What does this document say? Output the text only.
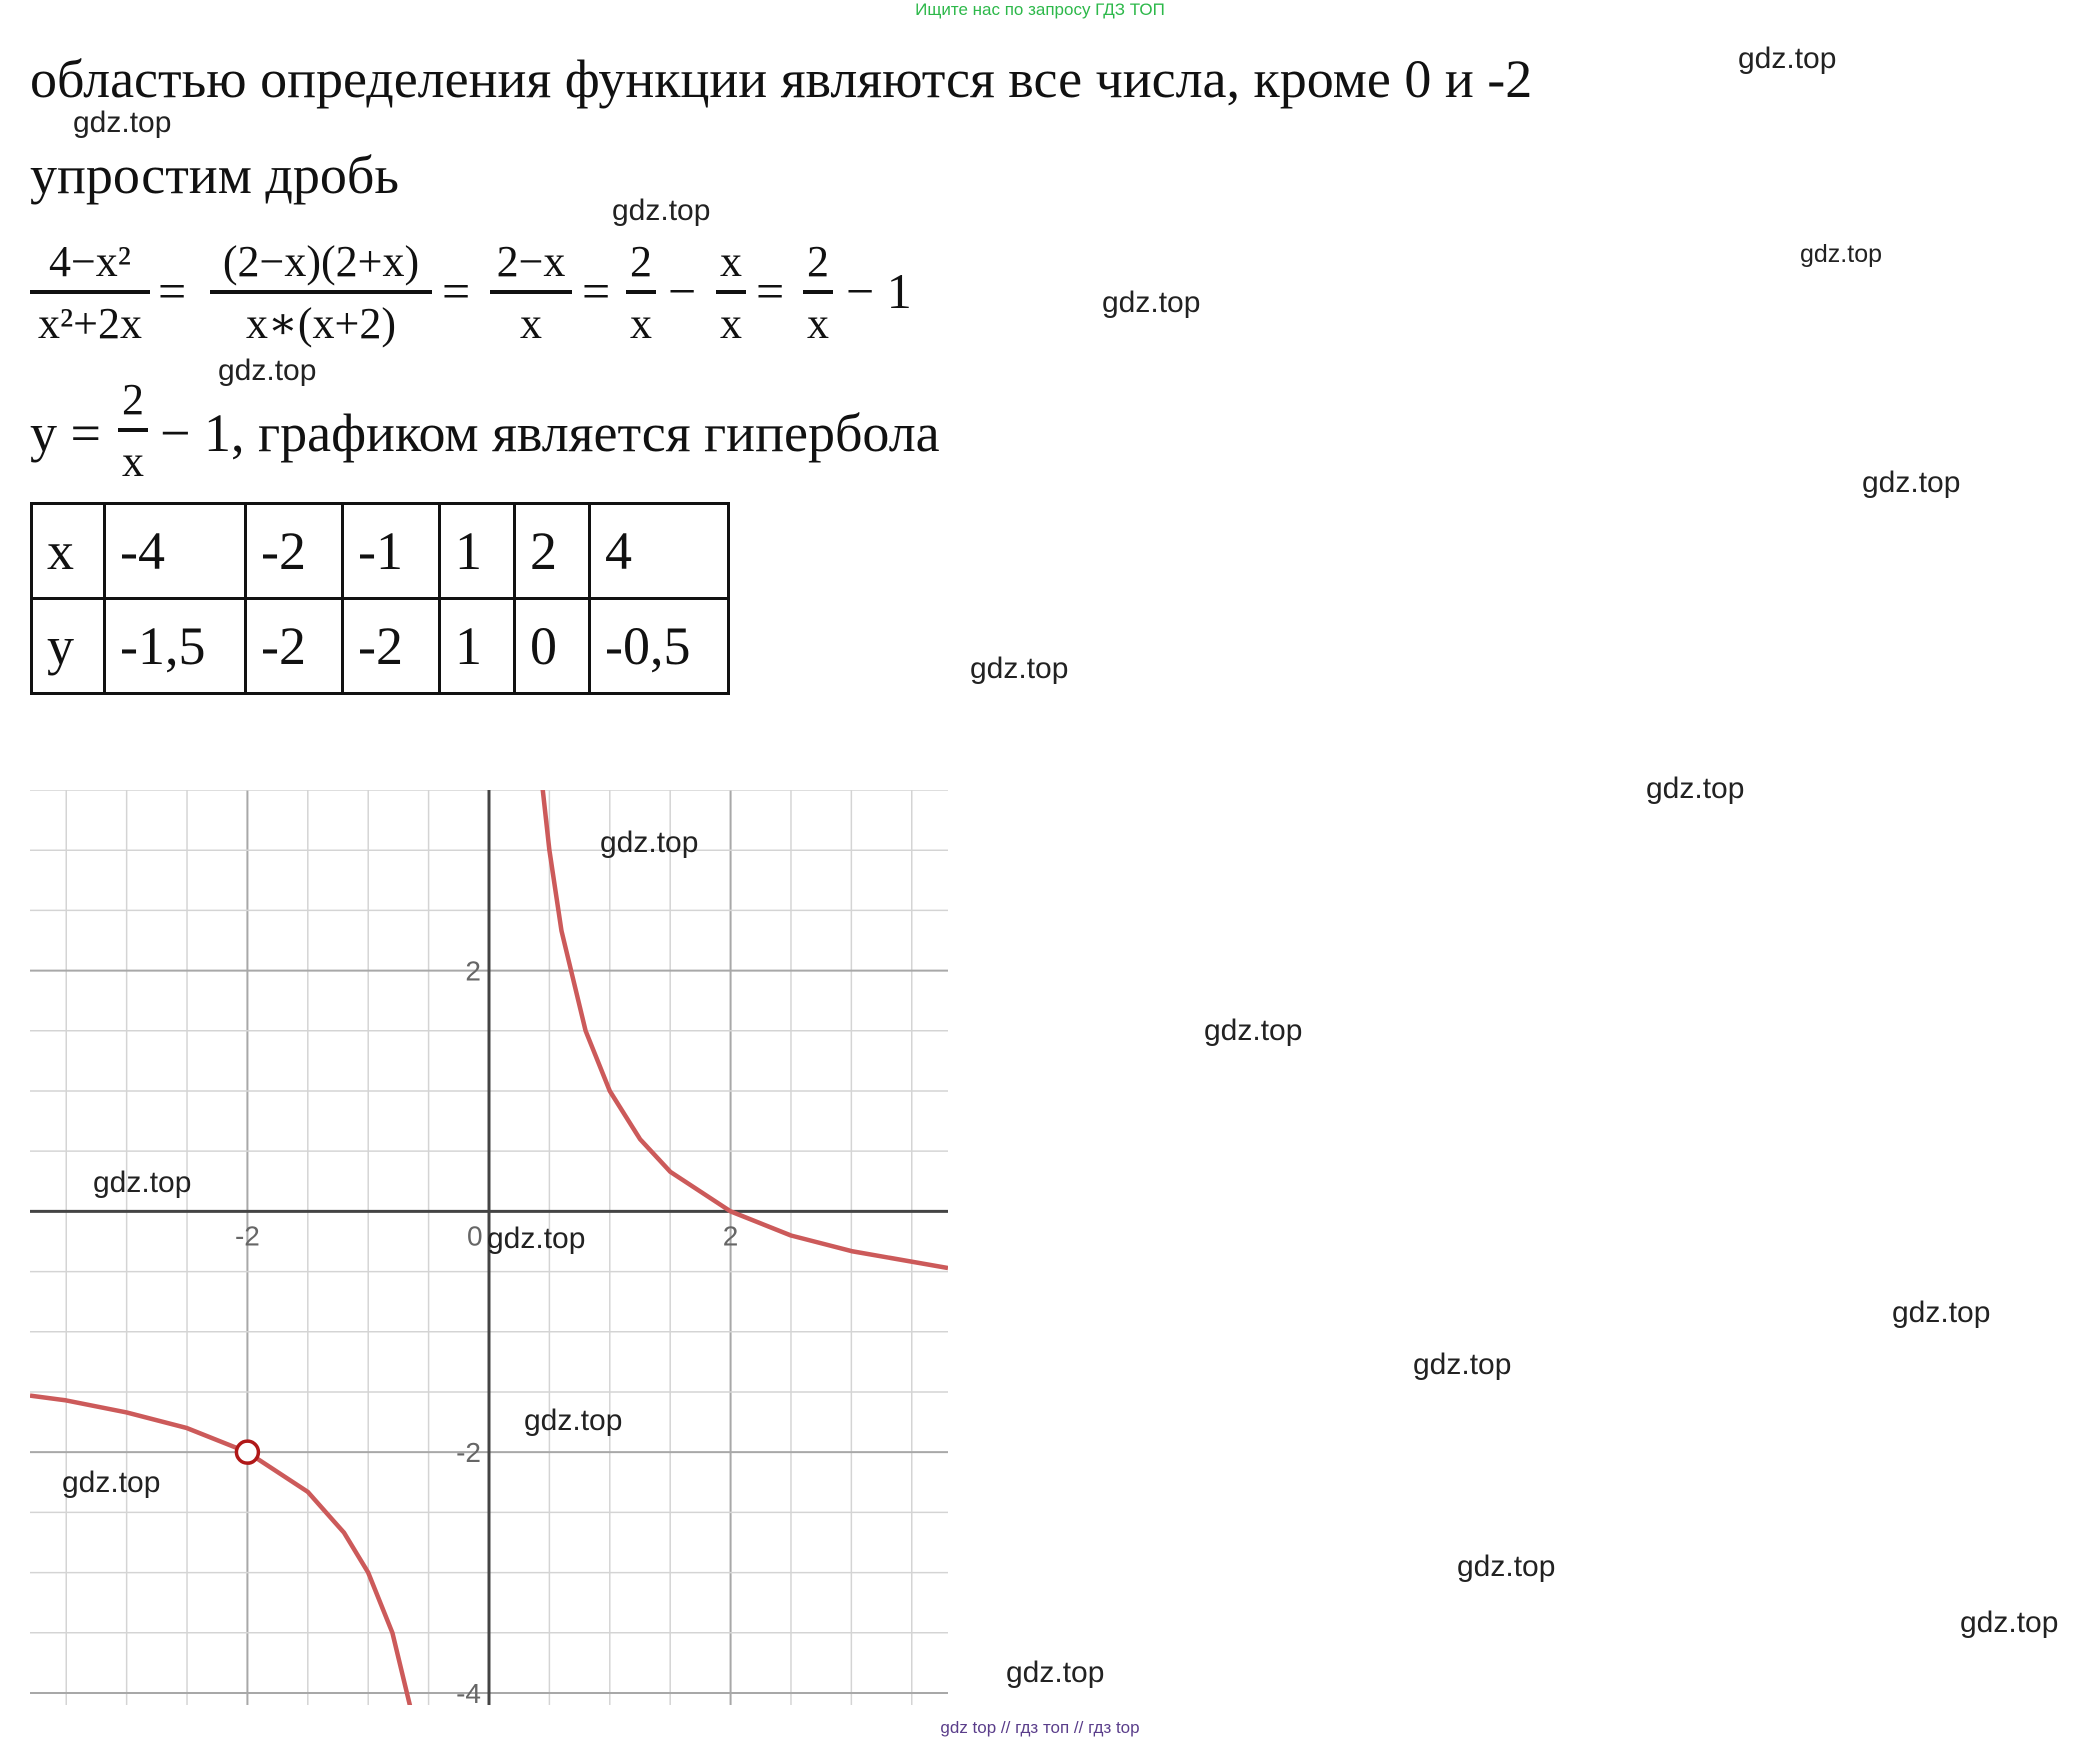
Ищите нас по запросу ГДЗ ТОП
областью определения функции являются все числа, кроме 0 и -2
упростим дробь
4−x²
x²+2x
=
(2−x)(2+x)
x∗(x+2)
=
2−x
x
=
2
x
−
x
x
=
2
x
− 1
y =
2
x − 1, графиком является гипербола
x	-4	-2	-1	1	2	4
y	-1,5	-2	-2	1	0	-0,5
-2	0	2
2
-2
-4
gdz.top
gdz.top
gdz.top
gdz.top
gdz.top
gdz.top
gdz.top
gdz.top
gdz.top
gdz.top
gdz.top
gdz.top
gdz.top
gdz.top
gdz.top
gdz.top
gdz.top
gdz.top
gdz.top
gdz.top
gdz top // гдз топ // гдз top
